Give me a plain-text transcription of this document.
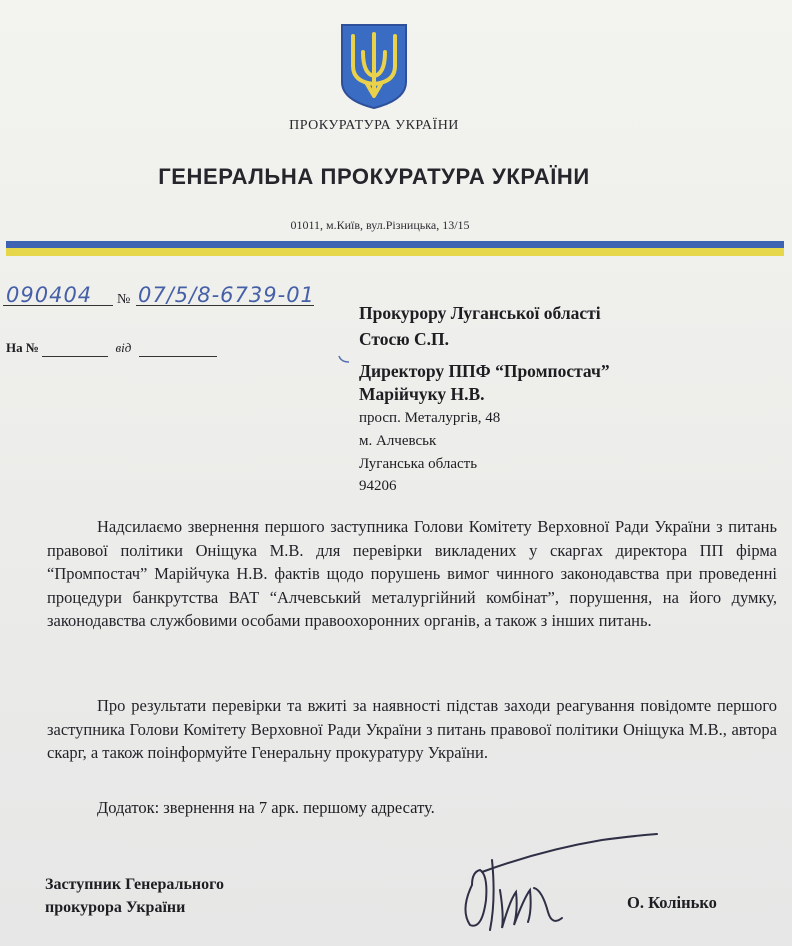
ПРОКУРАТУРА УКРАЇНИ
ГЕНЕРАЛЬНА ПРОКУРАТУРА УКРАЇНИ
01011, м.Київ, вул.Різницька, 13/15
090404 № 07/5/8-6739-01
На №	від
Прокурору Луганської області
Стосю С.П.
Директору ППФ “Промпостач”
Марійчуку Н.В.
просп. Металургів, 48
м. Алчевськ
Луганська область
94206
Надсилаємо звернення першого заступника Голови Комітету Верховної Ради України з питань правової політики Оніщука М.В. для перевірки викладених у скаргах директора ПП фірма “Промпостач” Марійчука Н.В. фактів щодо порушень вимог чинного законодавства при проведенні процедури банкрутства ВАТ “Алчевський металургійний комбінат”, порушення, на його думку, законодавства службовими особами правоохоронних органів, а також з інших питань.
Про результати перевірки та вжиті за наявності підстав заходи реагування повідомте першого заступника Голови Комітету Верховної Ради України з питань правової політики Оніщука М.В., автора скарг, а також поінформуйте Генеральну прокуратуру України.
Додаток: звернення на 7 арк. першому адресату.
Заступник Генерального
прокурора України	О. Колінько
